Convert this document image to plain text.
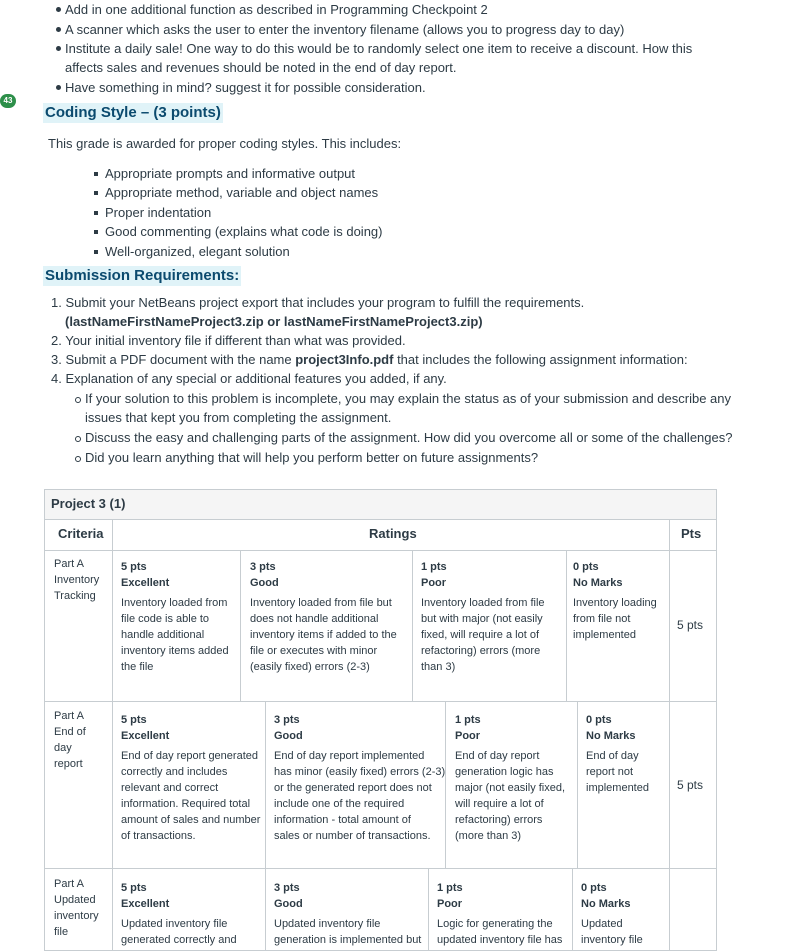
Add in one additional function as described in Programming Checkpoint 2
A scanner which asks the user to enter the inventory filename (allows you to progress day to day)
Institute a daily sale! One way to do this would be to randomly select one item to receive a discount. How this
affects sales and revenues should be noted in the end of day report.
Have something in mind? suggest it for possible consideration.
43
Coding Style – (3 points)
This grade is awarded for proper coding styles. This includes:
Appropriate prompts and informative output
Appropriate method, variable and object names
Proper indentation
Good commenting (explains what code is doing)
Well-organized, elegant solution
Submission Requirements:
1. Submit your NetBeans project export that includes your program to fulfill the requirements.
(lastNameFirstNameProject3.zip or lastNameFirstNameProject3.zip)
2. Your initial inventory file if different than what was provided.
3. Submit a PDF document with the name project3Info.pdf that includes the following assignment information:
4. Explanation of any special or additional features you added, if any.
If your solution to this problem is incomplete, you may explain the status as of your submission and describe any
issues that kept you from completing the assignment.
Discuss the easy and challenging parts of the assignment. How did you overcome all or some of the challenges?
Did you learn anything that will help you perform better on future assignments?
Project 3 (1)
Criteria	Ratings	Pts
Part A
Inventory
Tracking
5 pts
Excellent
Inventory loaded from
file code is able to
handle additional
inventory items added
the file
3 pts
Good
Inventory loaded from file but
does not handle additional
inventory items if added to the
file or executes with minor
(easily fixed) errors (2-3)
1 pts
Poor
Inventory loaded from file
but with major (not easily
fixed, will require a lot of
refactoring) errors (more
than 3)
0 pts
No Marks
Inventory loading
from file not
implemented
5 pts
Part A
End of
day
report
5 pts
Excellent
End of day report generated
correctly and includes
relevant and correct
information. Required total
amount of sales and number
of transactions.
3 pts
Good
End of day report implemented
has minor (easily fixed) errors (2-3)
or the generated report does not
include one of the required
information - total amount of
sales or number of transactions.
1 pts
Poor
End of day report
generation logic has
major (not easily fixed,
will require a lot of
refactoring) errors
(more than 3)
0 pts
No Marks
End of day
report not
implemented 5 pts
Part A
Updated
inventory
file
5 pts
Excellent
Updated inventory file
generated correctly and
3 pts
Good
Updated inventory file
generation is implemented but
1 pts
Poor
Logic for generating the
updated inventory file has
0 pts
No Marks
Updated
inventory file
